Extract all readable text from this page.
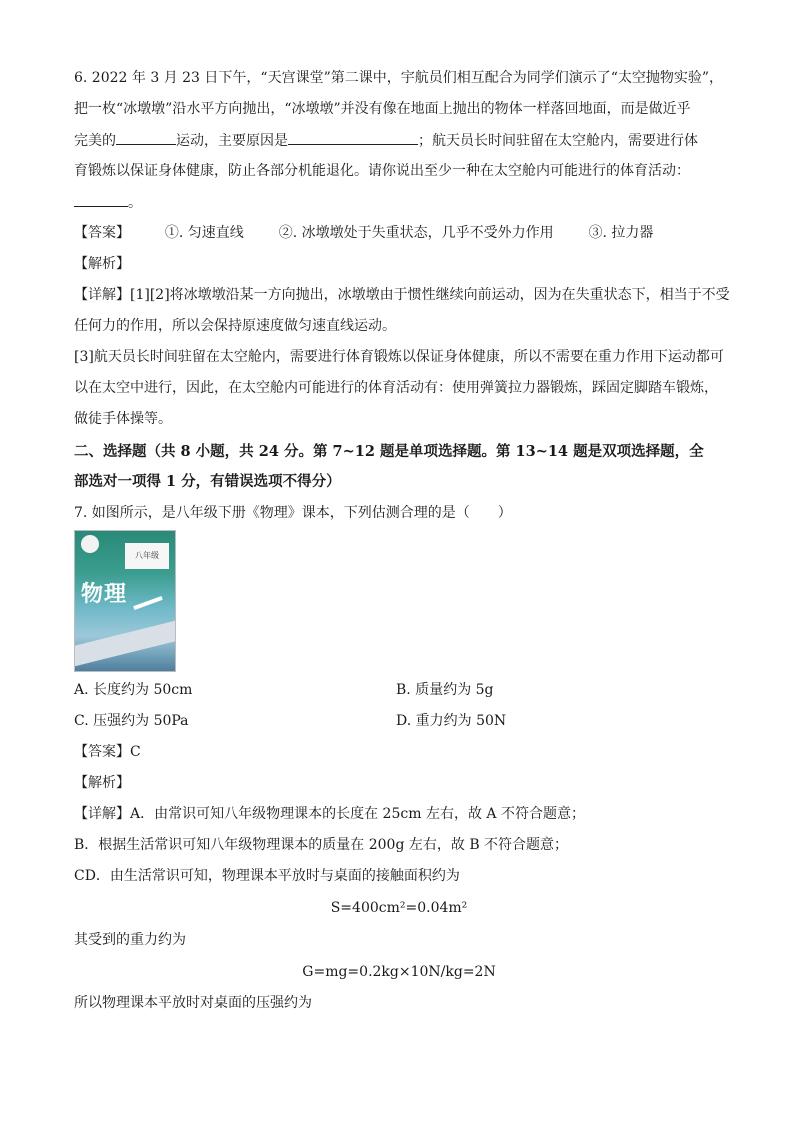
6. 2022 年 3 月 23 日下午，“天宫课堂”第二课中，宇航员们相互配合为同学们演示了“太空抛物实验”，
把一枚“冰墩墩”沿水平方向抛出，“冰墩墩”并没有像在地面上抛出的物体一样落回地面，而是做近乎
完美的	运动，主要原因是	；航天员长时间驻留在太空舱内，需要进行体
育锻炼以保证身体健康，防止各部分机能退化。请你说出至少一种在太空舱内可能进行的体育活动：
。
【答案】 ①. 匀速直线 ②. 冰墩墩处于失重状态，几乎不受外力作用 ③. 拉力器
【解析】
【详解】[1][2]将冰墩墩沿某一方向抛出，冰墩墩由于惯性继续向前运动，因为在失重状态下，相当于不受
任何力的作用，所以会保持原速度做匀速直线运动。
[3]航天员长时间驻留在太空舱内，需要进行体育锻炼以保证身体健康，所以不需要在重力作用下运动都可
以在太空中进行，因此，在太空舱内可能进行的体育活动有：使用弹簧拉力器锻炼，踩固定脚踏车锻炼，
做徒手体操等。
二、选择题（共 8 小题，共 24 分。第 7~12 题是单项选择题。第 13~14 题是双项选择题，全
部选对一项得 1 分，有错误选项不得分）
7. 如图所示，是八年级下册《物理》课本，下列估测合理的是（　　）
八年级
物理
A. 长度约为 50cm	B. 质量约为 5g
C. 压强约为 50Pa	D. 重力约为 50N
【答案】C
【解析】
【详解】A．由常识可知八年级物理课本的长度在 25cm 左右，故 A 不符合题意；
B．根据生活常识可知八年级物理课本的质量在 200g 左右，故 B 不符合题意；
CD．由生活常识可知，物理课本平放时与桌面的接触面积约为
S=400cm²=0.04m²
其受到的重力约为
G=mg=0.2kg×10N/kg=2N
所以物理课本平放时对桌面的压强约为
